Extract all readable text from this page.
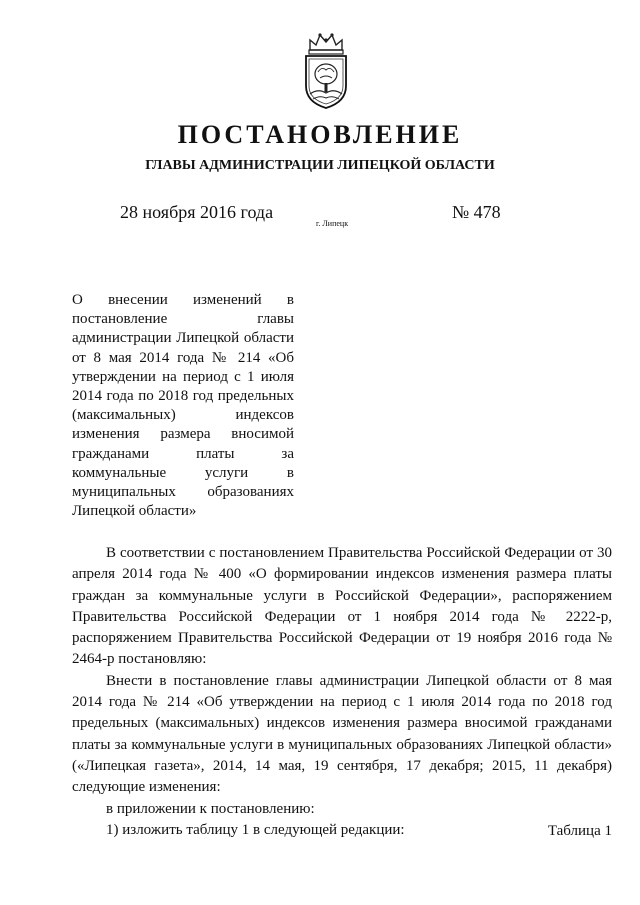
ПОСТАНОВЛЕНИЕ
ГЛАВЫ АДМИНИСТРАЦИИ ЛИПЕЦКОЙ ОБЛАСТИ
28 ноября 2016 года
г. Липецк
№ 478
О внесении изменений в постановление главы администрации Липецкой области от 8 мая 2014 года № 214 «Об утверждении на период с 1 июля 2014 года по 2018 год предельных (максимальных) индексов изменения размера вносимой гражданами платы за коммунальные услуги в муниципальных образованиях Липецкой области»

В соответствии с постановлением Правительства Российской Федерации от 30 апреля 2014 года № 400 «О формировании индексов изменения размера платы граждан за коммунальные услуги в Российской Федерации», распоряжением Правительства Российской Федерации от 1 ноября 2014 года № 2222-р, распоряжением Правительства Российской Федерации от 19 ноября 2016 года № 2464-р постановляю:

Внести в постановление главы администрации Липецкой области от 8 мая 2014 года № 214 «Об утверждении на период с 1 июля 2014 года по 2018 год предельных (максимальных) индексов изменения размера вносимой гражданами платы за коммунальные услуги в муниципальных образованиях Липецкой области» («Липецкая газета», 2014, 14 мая, 19 сентября, 17 декабря; 2015, 11 декабря) следующие изменения:

в приложении к постановлению:

1) изложить таблицу 1 в следующей редакции:	Таблица 1
